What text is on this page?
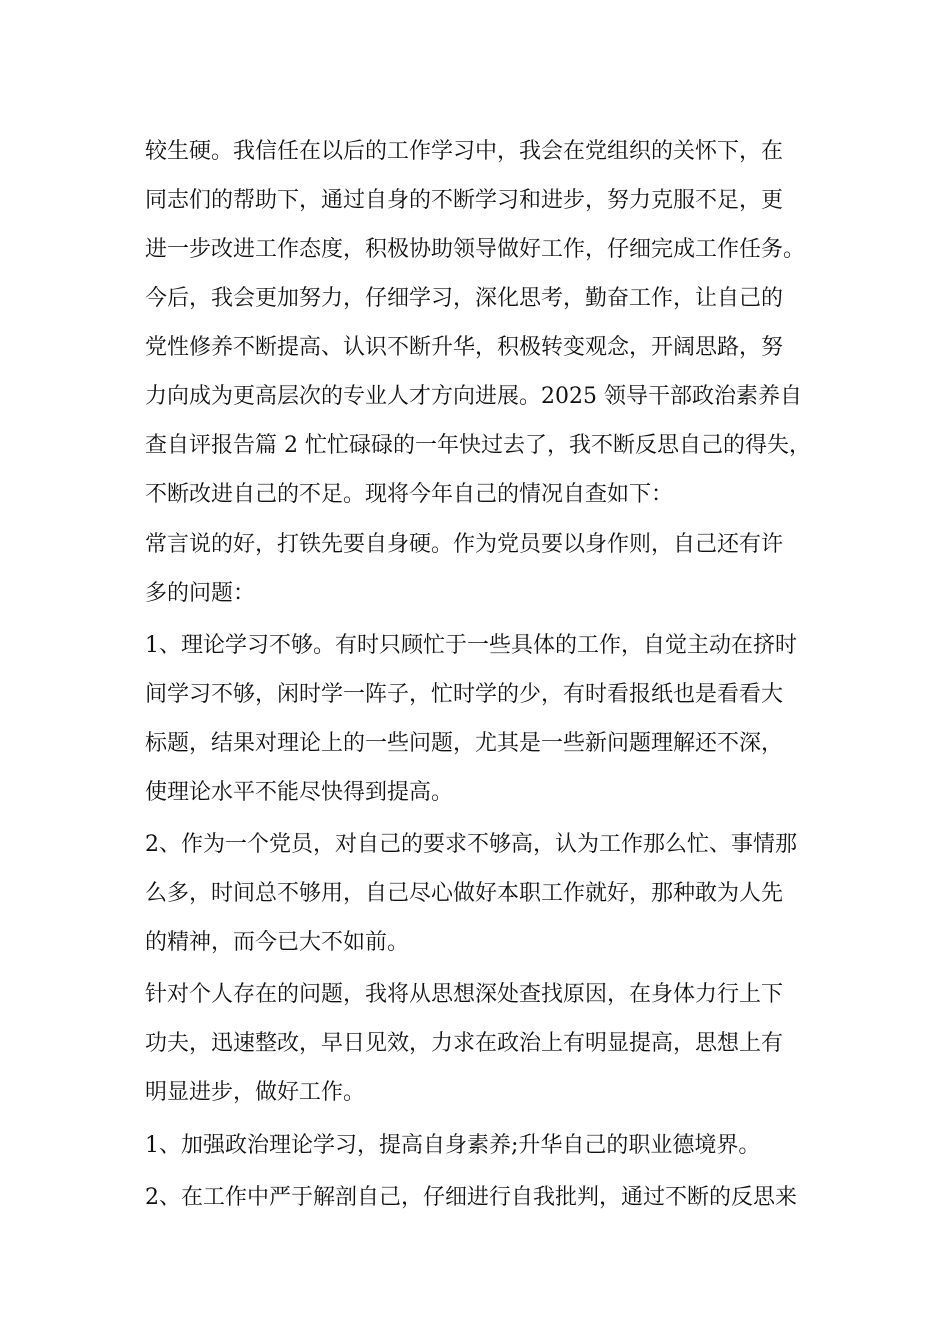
较生硬。我信任在以后的工作学习中，我会在党组织的关怀下，在
同志们的帮助下，通过自身的不断学习和进步，努力克服不足，更
进一步改进工作态度，积极协助领导做好工作，仔细完成工作任务。
今后，我会更加努力，仔细学习，深化思考，勤奋工作，让自己的
党性修养不断提高、认识不断升华，积极转变观念，开阔思路，努
力向成为更高层次的专业人才方向进展。2025 领导干部政治素养自
查自评报告篇 2 忙忙碌碌的一年快过去了，我不断反思自己的得失，
不断改进自己的不足。现将今年自己的情况自查如下：
常言说的好，打铁先要自身硬。作为党员要以身作则，自己还有许
多的问题：
1、理论学习不够。有时只顾忙于一些具体的工作，自觉主动在挤时
间学习不够，闲时学一阵子，忙时学的少，有时看报纸也是看看大
标题，结果对理论上的一些问题，尤其是一些新问题理解还不深，
使理论水平不能尽快得到提高。
2、作为一个党员，对自己的要求不够高，认为工作那么忙、事情那
么多，时间总不够用，自己尽心做好本职工作就好，那种敢为人先
的精神，而今已大不如前。
针对个人存在的问题，我将从思想深处查找原因，在身体力行上下
功夫，迅速整改，早日见效，力求在政治上有明显提高，思想上有
明显进步，做好工作。
1、加强政治理论学习，提高自身素养;升华自己的职业德境界。
2、在工作中严于解剖自己，仔细进行自我批判，通过不断的反思来
